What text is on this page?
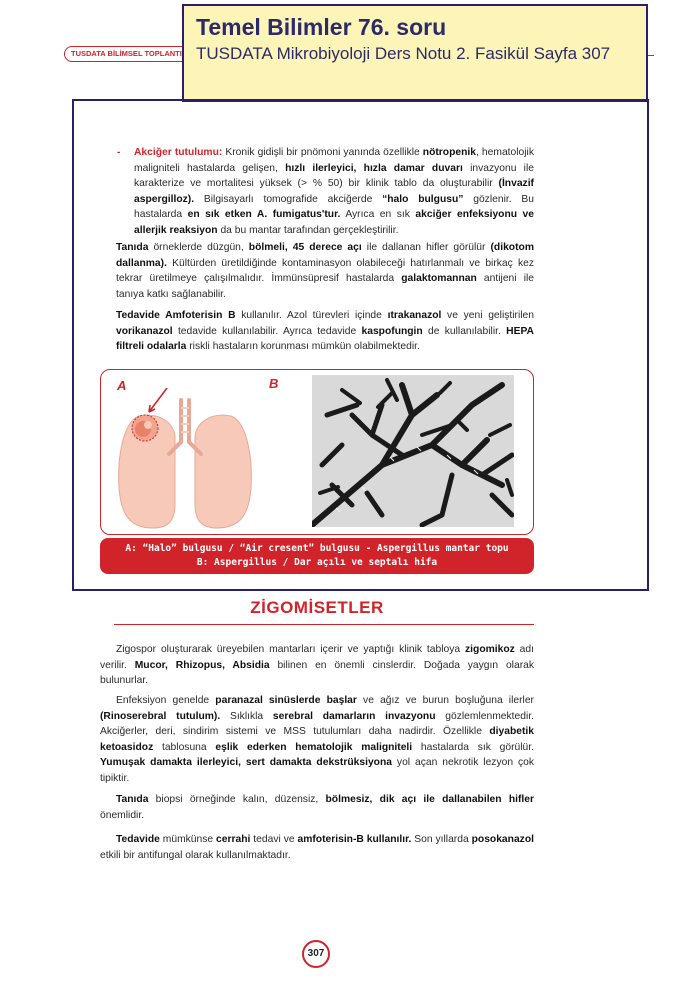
TUSDATA BİLİMSEL TOPLANTI
Temel Bilimler 76. soru
TUSDATA Mikrobiyoloji Ders Notu 2. Fasikül Sayfa 307
- Akciğer tutulumu: Kronik gidişli bir pnömoni yanında özellikle nötropenik, hematolojik maligniteli hastalarda gelişen, hızlı ilerleyici, hızla damar duvarı invazyonu ile karakterize ve mortalitesi yüksek (> % 50) bir klinik tablo da oluşturabilir (İnvazif aspergilloz). Bilgisayarlı tomografide akciğerde “halo bulgusu” gözlenir. Bu hastalarda en sık etken A. fumigatus'tur. Ayrıca en sık akciğer enfeksiyonu ve allerjik reaksiyon da bu mantar tarafından gerçekleştirilir.
Tanıda örneklerde düzgün, bölmeli, 45 derece açı ile dallanan hifler görülür (dikotom dallanma). Kültürden üretildiğinde kontaminasyon olabileceği hatırlanmalı ve birkaç kez tekrar üretilmeye çalışılmalıdır. İmmünsüpresif hastalarda galaktomannan antijeni ile tanıya katkı sağlanabilir.
Tedavide Amfoterisin B kullanılır. Azol türevleri içinde ıtrakanazol ve yeni geliştirilen vorikanazol tedavide kullanılabilir. Ayrıca tedavide kaspofungin de kullanılabilir. HEPA filtreli odalarla riskli hastaların korunması mümkün olabilmektedir.
A	B
A: “Halo” bulgusu / “Air cresent” bulgusu - Aspergillus mantar topu
B: Aspergillus / Dar açılı ve septalı hifa
ZİGOMİSETLER
Zigospor oluşturarak üreyebilen mantarları içerir ve yaptığı klinik tabloya zigomikoz adı verilir. Mucor, Rhizopus, Absidia bilinen en önemli cinslerdir. Doğada yaygın olarak bulunurlar.
Enfeksiyon genelde paranazal sinüslerde başlar ve ağız ve burun boşluğuna ilerler (Rinoserebral tutulum). Sıklıkla serebral damarların invazyonu gözlemlenmektedir. Akciğerler, deri, sindirim sistemi ve MSS tutulumları daha nadirdir. Özellikle diyabetik ketoasidoz tablosuna eşlik ederken hematolojik maligniteli hastalarda sık görülür. Yumuşak damakta ilerleyici, sert damakta dekstrüksiyona yol açan nekrotik lezyon çok tipiktir.
Tanıda biopsi örneğinde kalın, düzensiz, bölmesiz, dik açı ile dallanabilen hifler önemlidir.
Tedavide mümkünse cerrahi tedavi ve amfoterisin-B kullanılır. Son yıllarda posokanazol etkili bir antifungal olarak kullanılmaktadır.
307
